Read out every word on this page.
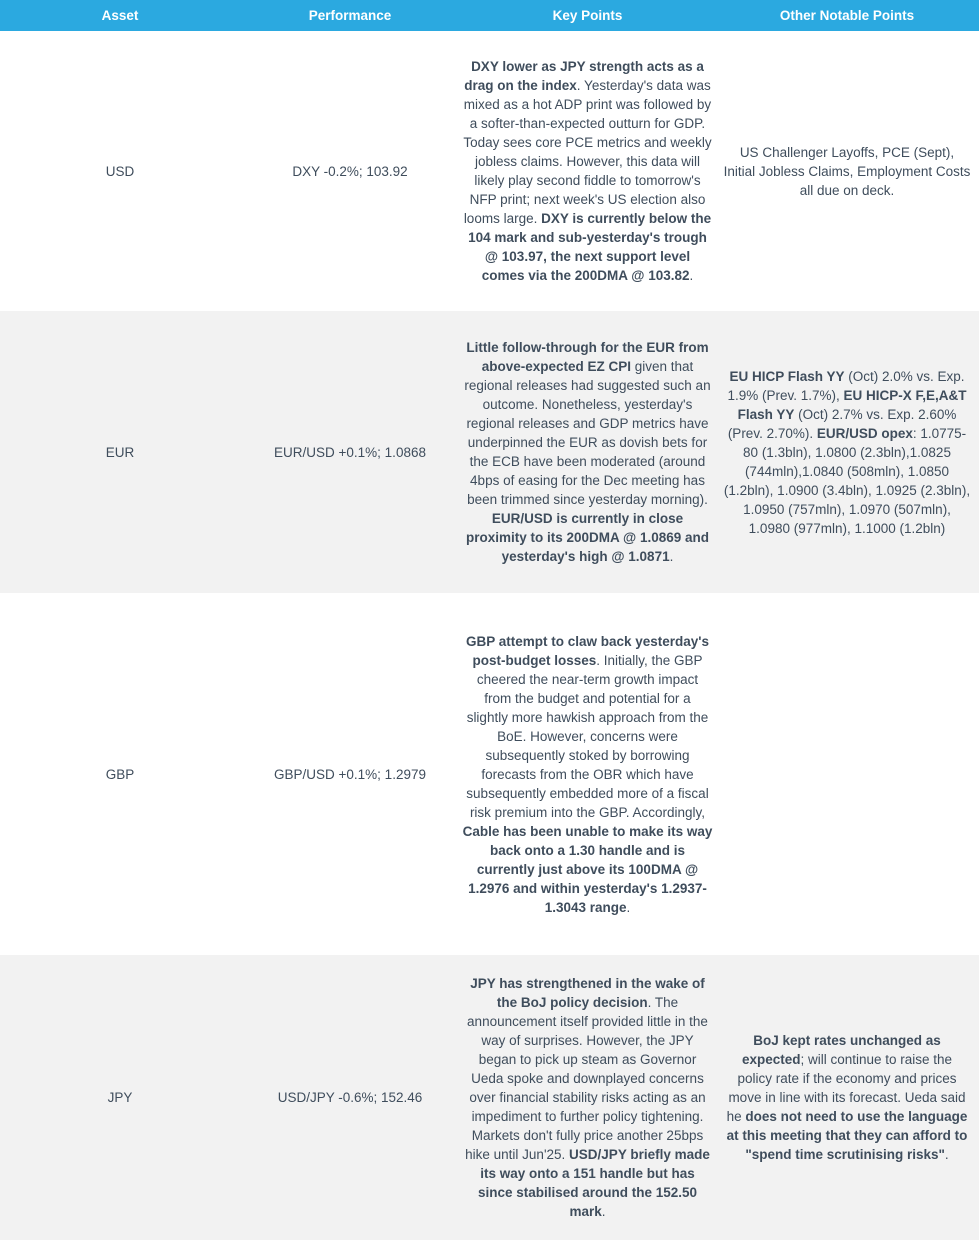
Asset	Performance	Key Points	Other Notable Points
USD	DXY -0.2%; 103.92	DXY lower as JPY strength acts as a drag on the index. Yesterday's data was mixed as a hot ADP print was followed by a softer-than-expected outturn for GDP. Today sees core PCE metrics and weekly jobless claims. However, this data will likely play second fiddle to tomorrow's NFP print; next week's US election also looms large. DXY is currently below the 104 mark and sub-yesterday's trough @ 103.97, the next support level comes via the 200DMA @ 103.82.	US Challenger Layoffs, PCE (Sept), Initial Jobless Claims, Employment Costs all due on deck.
EUR	EUR/USD +0.1%; 1.0868	Little follow-through for the EUR from above-expected EZ CPI given that regional releases had suggested such an outcome. Nonetheless, yesterday's regional releases and GDP metrics have underpinned the EUR as dovish bets for the ECB have been moderated (around 4bps of easing for the Dec meeting has been trimmed since yesterday morning). EUR/USD is currently in close proximity to its 200DMA @ 1.0869 and yesterday's high @ 1.0871.	EU HICP Flash YY (Oct) 2.0% vs. Exp. 1.9% (Prev. 1.7%), EU HICP-X F,E,A&T Flash YY (Oct) 2.7% vs. Exp. 2.60% (Prev. 2.70%). EUR/USD opex: 1.0775-80 (1.3bln), 1.0800 (2.3bln),1.0825 (744mln),1.0840 (508mln), 1.0850 (1.2bln), 1.0900 (3.4bln), 1.0925 (2.3bln), 1.0950 (757mln), 1.0970 (507mln), 1.0980 (977mln), 1.1000 (1.2bln)
GBP	GBP/USD +0.1%; 1.2979	GBP attempt to claw back yesterday's post-budget losses. Initially, the GBP cheered the near-term growth impact from the budget and potential for a slightly more hawkish approach from the BoE. However, concerns were subsequently stoked by borrowing forecasts from the OBR which have subsequently embedded more of a fiscal risk premium into the GBP. Accordingly, Cable has been unable to make its way back onto a 1.30 handle and is currently just above its 100DMA @ 1.2976 and within yesterday's 1.2937-1.3043 range.	
JPY	USD/JPY -0.6%; 152.46	JPY has strengthened in the wake of the BoJ policy decision. The announcement itself provided little in the way of surprises. However, the JPY began to pick up steam as Governor Ueda spoke and downplayed concerns over financial stability risks acting as an impediment to further policy tightening. Markets don't fully price another 25bps hike until Jun'25. USD/JPY briefly made its way onto a 151 handle but has since stabilised around the 152.50 mark.	BoJ kept rates unchanged as expected; will continue to raise the policy rate if the economy and prices move in line with its forecast. Ueda said he does not need to use the language at this meeting that they can afford to "spend time scrutinising risks".
